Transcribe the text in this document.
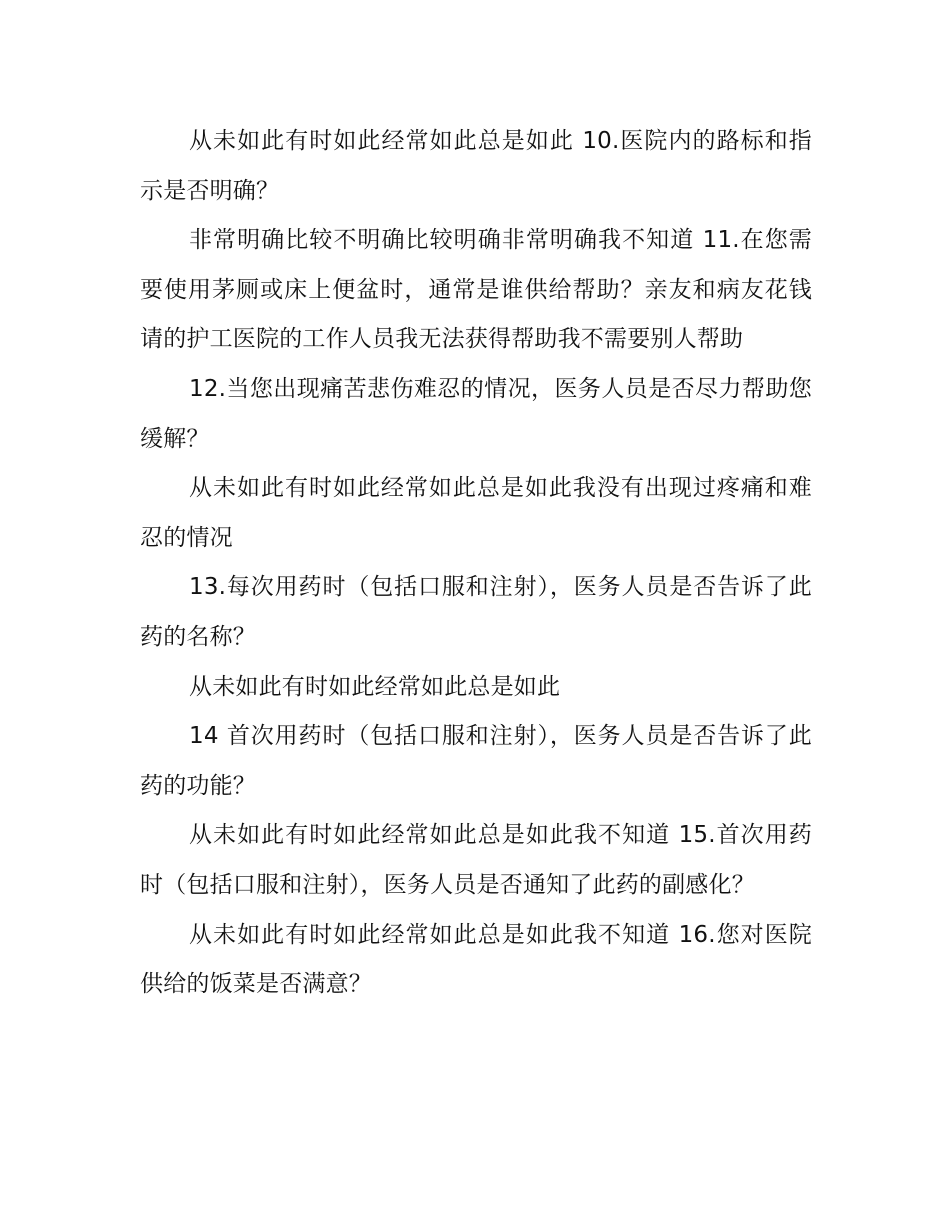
从未如此有时如此经常如此总是如此 10.医院内的路标和指示是否明确？

非常明确比较不明确比较明确非常明确我不知道 11.在您需要使用茅厕或床上便盆时，通常是谁供给帮助？亲友和病友花钱请的护工医院的工作人员我无法获得帮助我不需要别人帮助

12.当您出现痛苦悲伤难忍的情况，医务人员是否尽力帮助您缓解？

从未如此有时如此经常如此总是如此我没有出现过疼痛和难忍的情况

13.每次用药时（包括口服和注射），医务人员是否告诉了此药的名称？

从未如此有时如此经常如此总是如此

14 首次用药时（包括口服和注射），医务人员是否告诉了此药的功能？

从未如此有时如此经常如此总是如此我不知道 15.首次用药时（包括口服和注射），医务人员是否通知了此药的副感化？

从未如此有时如此经常如此总是如此我不知道 16.您对医院供给的饭菜是否满意？
